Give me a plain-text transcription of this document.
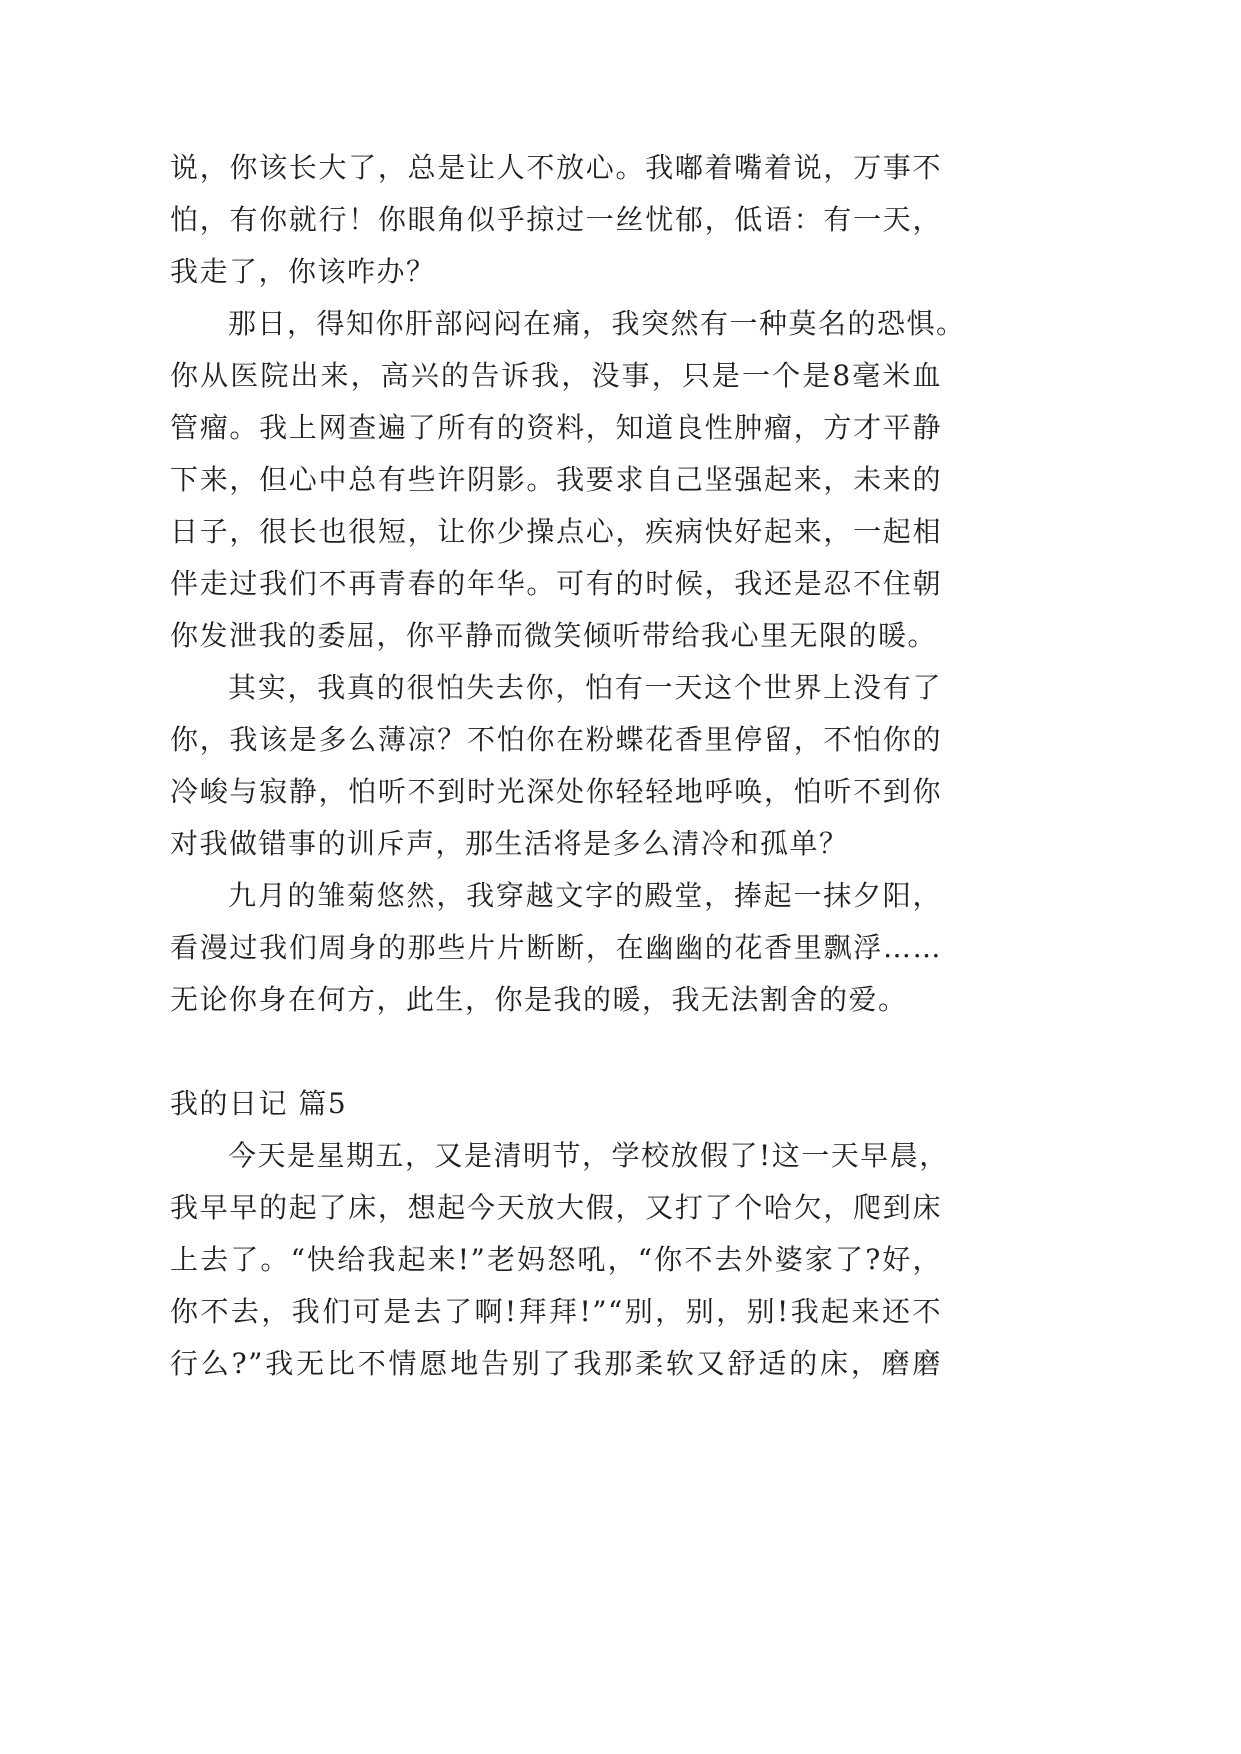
说，你该长大了，总是让人不放心。我嘟着嘴着说，万事不
怕，有你就行！你眼角似乎掠过一丝忧郁，低语：有一天，
我走了，你该咋办？
那日，得知你肝部闷闷在痛，我突然有一种莫名的恐惧。
你从医院出来，高兴的告诉我，没事，只是一个是8毫米血
管瘤。我上网查遍了所有的资料，知道良性肿瘤，方才平静
下来，但心中总有些许阴影。我要求自己坚强起来，未来的
日子，很长也很短，让你少操点心，疾病快好起来，一起相
伴走过我们不再青春的年华。可有的时候，我还是忍不住朝
你发泄我的委屈，你平静而微笑倾听带给我心里无限的暖。
其实，我真的很怕失去你，怕有一天这个世界上没有了
你，我该是多么薄凉？不怕你在粉蝶花香里停留，不怕你的
冷峻与寂静，怕听不到时光深处你轻轻地呼唤，怕听不到你
对我做错事的训斥声，那生活将是多么清冷和孤单？
九月的雏菊悠然，我穿越文字的殿堂，捧起一抹夕阳，
看漫过我们周身的那些片片断断，在幽幽的花香里飘浮……
无论你身在何方，此生，你是我的暖，我无法割舍的爱。
我的日记 篇5
今天是星期五，又是清明节，学校放假了!这一天早晨，
我早早的起了床，想起今天放大假，又打了个哈欠，爬到床
上去了。“快给我起来!”老妈怒吼，“你不去外婆家了?好，
你不去，我们可是去了啊!拜拜!”“别，别，别!我起来还不
行么?”我无比不情愿地告别了我那柔软又舒适的床，磨磨
